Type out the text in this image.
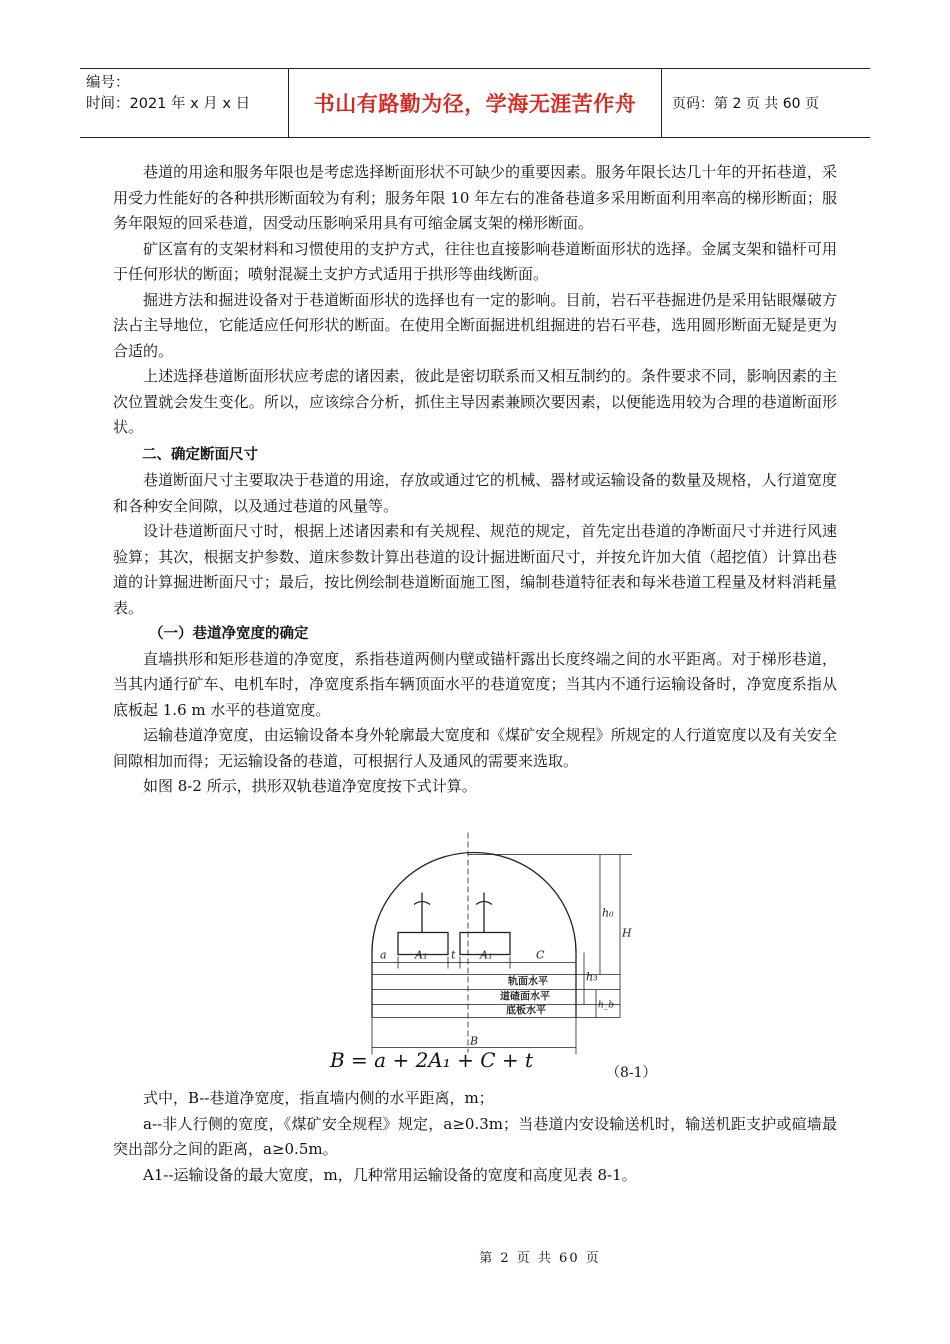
编号：
时间：2021 年 x 月 x 日	书山有路勤为径，学海无涯苦作舟	页码：第 2 页 共 60 页

巷道的用途和服务年限也是考虑选择断面形状不可缺少的重要因素。服务年限长达几十年的开拓巷道，采用受力性能好的各种拱形断面较为有利；服务年限 10 年左右的准备巷道多采用断面利用率高的梯形断面；服务年限短的回采巷道，因受动压影响采用具有可缩金属支架的梯形断面。

矿区富有的支架材料和习惯使用的支护方式，往往也直接影响巷道断面形状的选择。金属支架和锚杆可用于任何形状的断面；喷射混凝土支护方式适用于拱形等曲线断面。

掘进方法和掘进设备对于巷道断面形状的选择也有一定的影响。目前，岩石平巷掘进仍是采用钻眼爆破方法占主导地位，它能适应任何形状的断面。在使用全断面掘进机组掘进的岩石平巷，选用圆形断面无疑是更为合适的。

上述选择巷道断面形状应考虑的诸因素，彼此是密切联系而又相互制约的。条件要求不同，影响因素的主次位置就会发生变化。所以，应该综合分析，抓住主导因素兼顾次要因素，以便能选用较为合理的巷道断面形状。

二、确定断面尺寸

巷道断面尺寸主要取决于巷道的用途，存放或通过它的机械、器材或运输设备的数量及规格，人行道宽度和各种安全间隙，以及通过巷道的风量等。

设计巷道断面尺寸时，根据上述诸因素和有关规程、规范的规定，首先定出巷道的净断面尺寸并进行风速验算；其次，根据支护参数、道床参数计算出巷道的设计掘进断面尺寸，并按允许加大值（超挖值）计算出巷道的计算掘进断面尺寸；最后，按比例绘制巷道断面施工图，编制巷道特征表和每米巷道工程量及材料消耗量表。

（一）巷道净宽度的确定

直墙拱形和矩形巷道的净宽度，系指巷道两侧内壁或锚杆露出长度终端之间的水平距离。对于梯形巷道，当其内通行矿车、电机车时，净宽度系指车辆顶面水平的巷道宽度；当其内不通行运输设备时，净宽度系指从底板起 1.6 m 水平的巷道宽度。

运输巷道净宽度，由运输设备本身外轮廓最大宽度和《煤矿安全规程》所规定的人行道宽度以及有关安全间隙相加而得；无运输设备的巷道，可根据行人及通风的需要来选取。

如图 8-2 所示，拱形双轨巷道净宽度按下式计算。

a	A₁ t A₁	C
h₀
H
h₃
h_b
B
轨面水平
道碴面水平
底板水平
B = a + 2A₁ + C + t
（8-1）

式中，B--巷道净宽度，指直墙内侧的水平距离，m；

a--非人行侧的宽度，《煤矿安全规程》规定，a≥0.3m；当巷道内安设输送机时，输送机距支护或碹墙最突出部分之间的距离，a≥0.5m。

A1--运输设备的最大宽度，m，几种常用运输设备的宽度和高度见表 8-1。

第 2 页 共 60 页
